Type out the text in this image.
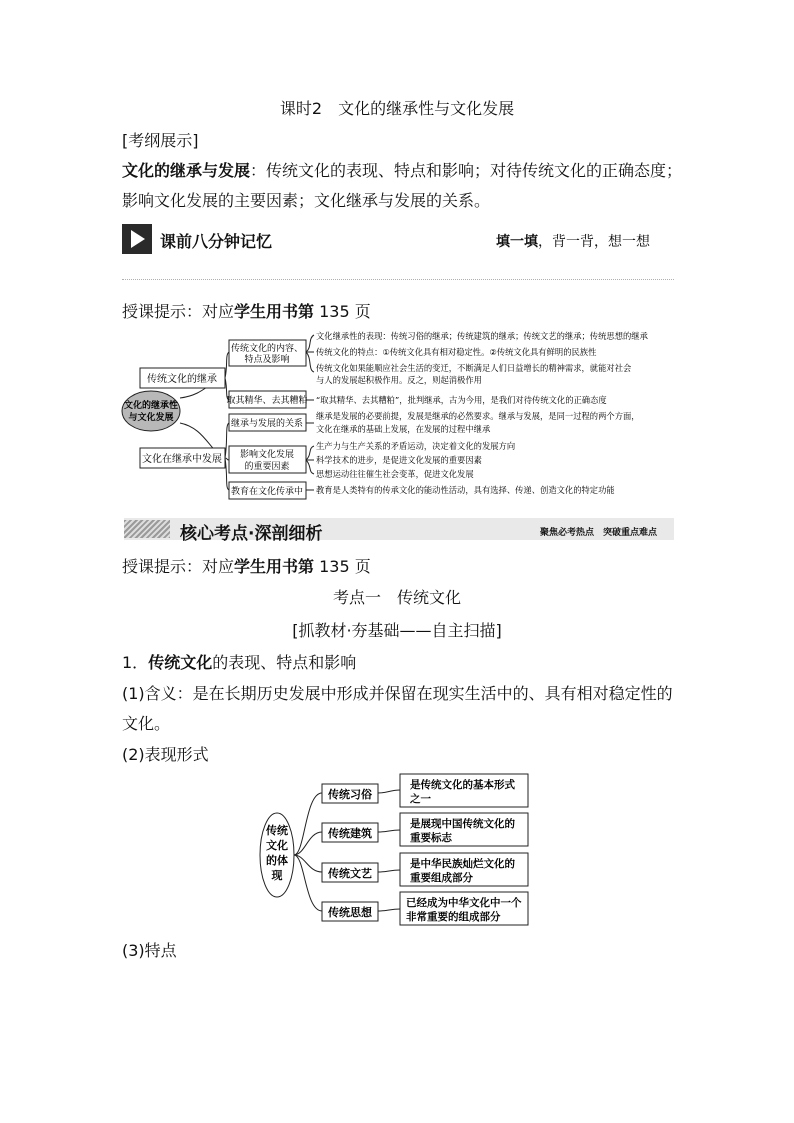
课时2　文化的继承性与文化发展
[考纲展示]
文化的继承与发展：传统文化的表现、特点和影响；对待传统文化的正确态度；
影响文化发展的主要因素；文化继承与发展的关系。
课前八分钟记忆	填一填，背一背，想一想
授课提示：对应学生用书第 135 页
文化的继承性
与文化发展
传统文化的继承
文化在继承中发展
传统文化的内容、
特点及影响
取其精华、去其糟粕
继承与发展的关系
影响文化发展
的重要因素
教育在文化传承中
文化继承性的表现：传统习俗的继承；传统建筑的继承；传统文艺的继承；传统思想的继承
传统文化的特点：①传统文化具有相对稳定性。②传统文化具有鲜明的民族性
传统文化如果能顺应社会生活的变迁，不断满足人们日益增长的精神需求，就能对社会
与人的发展起积极作用。反之，则起消极作用
“取其精华、去其糟粕”，批判继承，古为今用，是我们对待传统文化的正确态度
继承是发展的必要前提，发展是继承的必然要求。继承与发展，是同一过程的两个方面，
文化在继承的基础上发展，在发展的过程中继承
生产力与生产关系的矛盾运动，决定着文化的发展方向
科学技术的进步，是促进文化发展的重要因素
思想运动往往催生社会变革，促进文化发展
教育是人类特有的传承文化的能动性活动，具有选择、传递、创造文化的特定功能
核心考点·深剖细析	聚焦必考热点　突破重点难点
授课提示：对应学生用书第 135 页
考点一　传统文化
[抓教材·夯基础——自主扫描]
1．传统文化的表现、特点和影响
(1)含义：是在长期历史发展中形成并保留在现实生活中的、具有相对稳定性的
文化。
(2)表现形式
传统
文化
的体
现
传统习俗
传统建筑
传统文艺
传统思想
是传统文化的基本形式
之一
是展现中国传统文化的
重要标志
是中华民族灿烂文化的
重要组成部分
已经成为中华文化中一个
非常重要的组成部分
(3)特点
